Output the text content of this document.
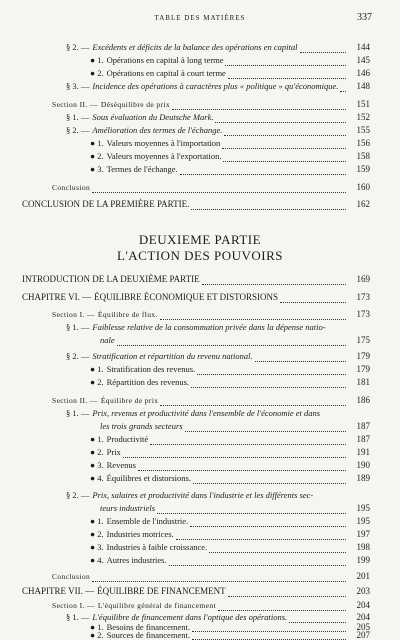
TABLE DES MATIÈRES	337
§ 2. — Excédents et déficits de la balance des opérations en capital	144
● 1. Opérations en capital à long terme	145
● 2. Opérations en capital à court terme	146
§ 3. — Incidence des opérations à caractères plus « politique » qu'économique.	148
Section II. — Déséquilibre de prix	151
§ 1. — Sous évaluation du Deutsche Mark.	152
§ 2. — Amélioration des termes de l'échange.	155
● 1. Valeurs moyennes à l'importation	156
● 2. Valeurs moyennes à l'exportation.	158
● 3. Termes de l'échange.	159
Conclusion	160
CONCLUSION DE LA PREMIÈRE PARTIE.	162
DEUXIEME PARTIE
L'ACTION DES POUVOIRS
INTRODUCTION DE LA DEUXIÈME PARTIE	169
CHAPITRE VI. — ÉQUILIBRE ÉCONOMIQUE ET DISTORSIONS	173
Section I. — Équilibre de flux.	173
§ 1. — Faiblesse relative de la consommation privée dans la dépense natio-
nale	175
§ 2. — Stratification et répartition du revenu national.	179
● 1. Stratification des revenus.	179
● 2. Répartition des revenus.	181
Section II. — Équilibre de prix	186
§ 1. — Prix, revenus et productivité dans l'ensemble de l'économie et dans
les trois grands secteurs	187
● 1. Productivité	187
● 2. Prix	191
● 3. Revenus	190
● 4. Équilibres et distorsions.	189
§ 2. — Prix, salaires et productivité dans l'industrie et les différents sec-
teurs industriels	195
● 1. Ensemble de l'industrie.	195
● 2. Industries motrices.	197
● 3. Industries à faible croissance.	198
● 4. Autres industries.	199
Conclusion	201
CHAPITRE VII. — ÉQUILIBRE DE FINANCEMENT	203
Section I. — L'équilibre général de financement	204
§ 1. — L'équilibre de financement dans l'optique des opérations.	204
● 1. Besoins de financement.	205
● 2. Sources de financement.	207
